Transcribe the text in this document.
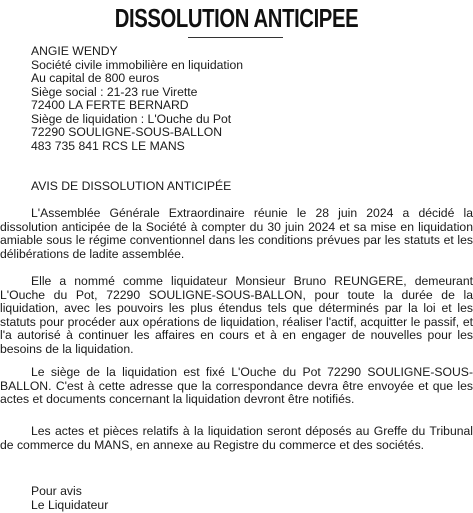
DISSOLUTION ANTICIPEE
ANGIE WENDY
Société civile immobilière en liquidation
Au capital de 800 euros
Siège social : 21-23 rue Virette
72400 LA FERTE BERNARD
Siège de liquidation : L'Ouche du Pot
72290 SOULIGNE-SOUS-BALLON
483 735 841 RCS LE MANS
AVIS DE DISSOLUTION ANTICIPÉE
L'Assemblée Générale Extraordinaire réunie le 28 juin 2024 a décidé la dissolution anticipée de la Société à compter du 30 juin 2024 et sa mise en liquidation amiable sous le régime conventionnel dans les conditions prévues par les statuts et les délibérations de ladite assemblée.
Elle a nommé comme liquidateur Monsieur Bruno REUNGERE, demeurant L'Ouche du Pot, 72290 SOULIGNE-SOUS-BALLON, pour toute la durée de la liquidation, avec les pouvoirs les plus étendus tels que déterminés par la loi et les statuts pour procéder aux opérations de liquidation, réaliser l'actif, acquitter le passif, et l'a autorisé à continuer les affaires en cours et à en engager de nouvelles pour les besoins de la liquidation.
Le siège de la liquidation est fixé L'Ouche du Pot 72290 SOULIGNE-SOUS-BALLON. C'est à cette adresse que la correspondance devra être envoyée et que les actes et documents concernant la liquidation devront être notifiés.
Les actes et pièces relatifs à la liquidation seront déposés au Greffe du Tribunal de commerce du MANS, en annexe au Registre du commerce et des sociétés.
Pour avis
Le Liquidateur
